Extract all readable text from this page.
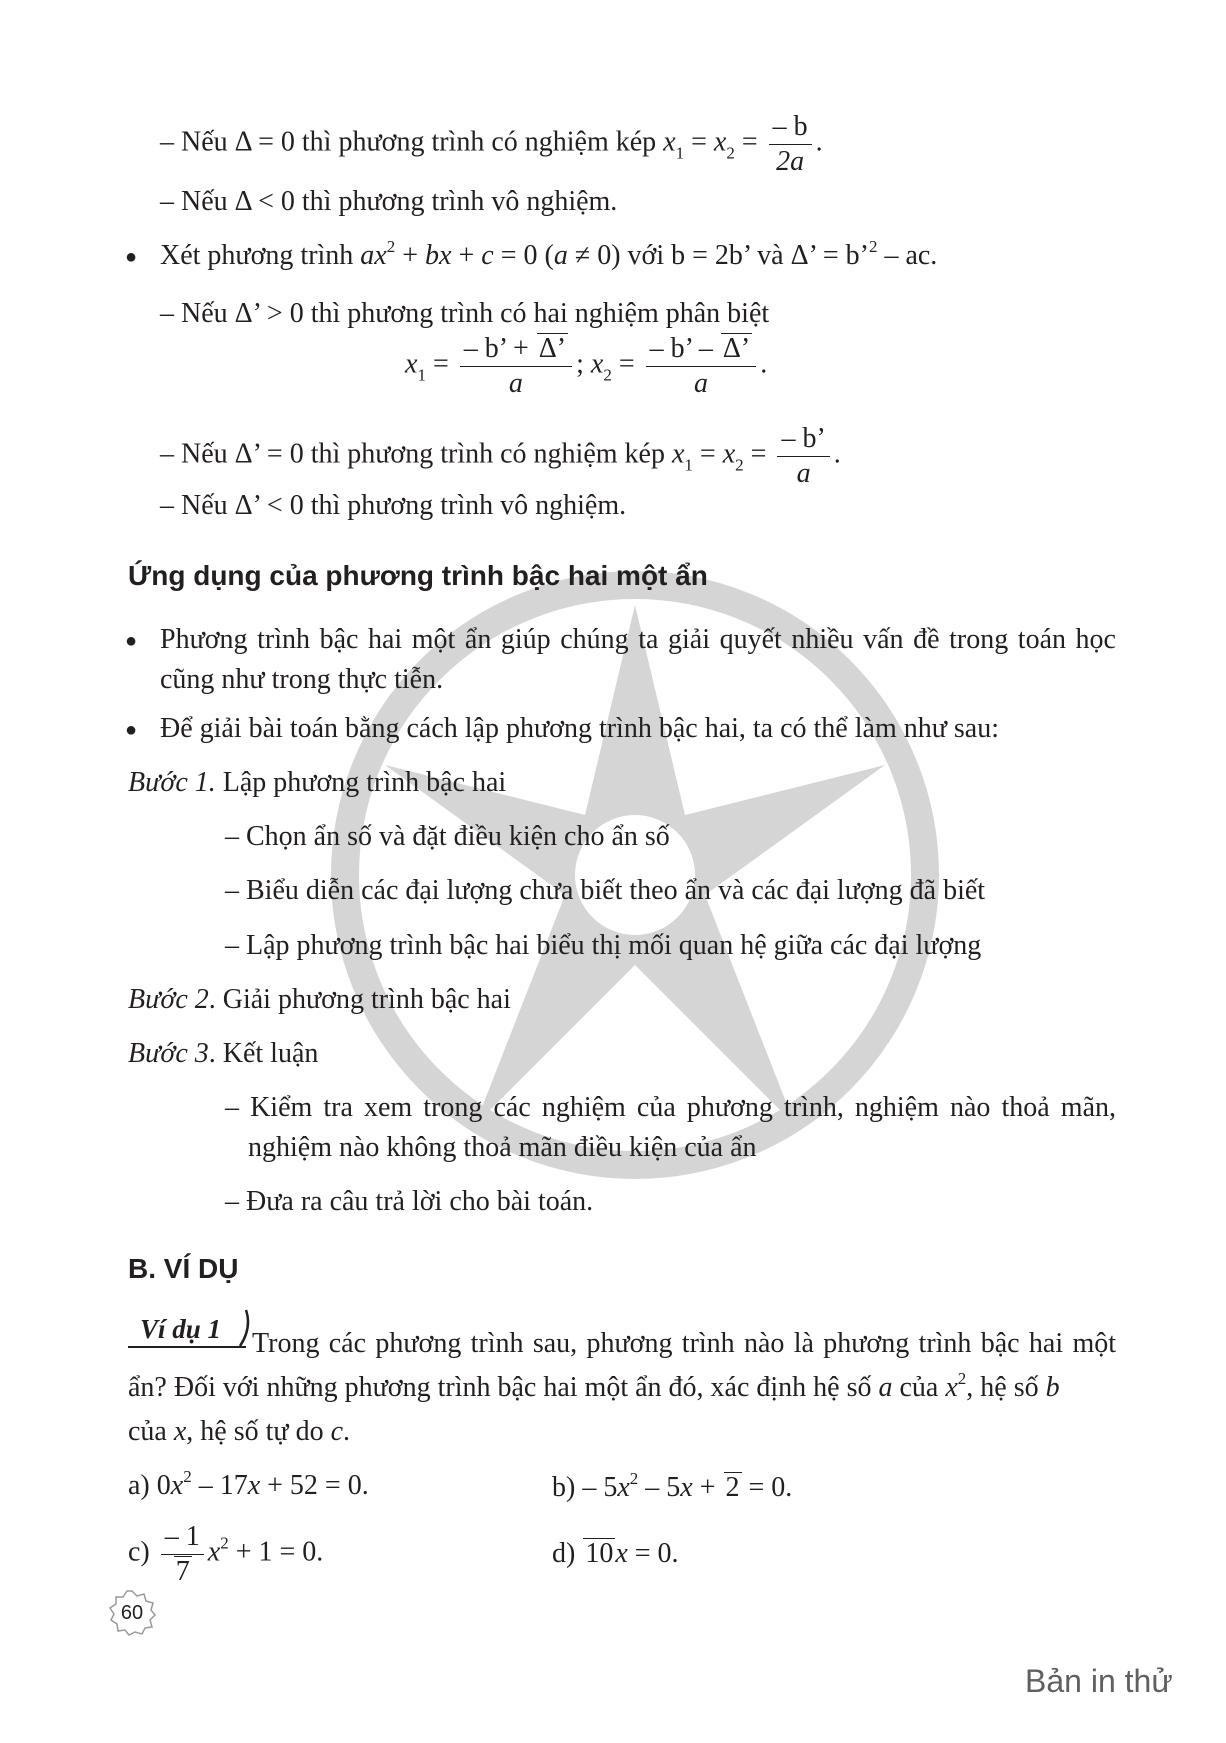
– Nếu Δ = 0 thì phương trình có nghiệm kép $x_1 = x_2 = \frac{- b}{2a}$ .
– Nếu Δ < 0 thì phương trình vô nghiệm.
● Xét phương trình $ax^2$ + bx + c = 0 (a ≠ 0) với b = 2b’ và Δ’ = b’$^2$ – ac.
– Nếu Δ’ > 0 thì phương trình có hai nghiệm phân biệt
$x_1 = \frac{- b’ + \Delta’}{a}$ ; $x_2 = \frac{- b’ - \Delta’}{a}$ .
– Nếu Δ’ = 0 thì phương trình có nghiệm kép $x_1 = x_2 = \frac{- b’}{a}$ .
– Nếu Δ’ < 0 thì phương trình vô nghiệm.
Ứng dụng của phương trình bậc hai một ẩn
● Phương trình bậc hai một ẩn giúp chúng ta giải quyết nhiều vấn đề trong toán học
cũng như trong thực tiễn.
● Để giải bài toán bằng cách lập phương trình bậc hai, ta có thể làm như sau:
Bước 1. Lập phương trình bậc hai
– Chọn ẩn số và đặt điều kiện cho ẩn số
– Biểu diễn các đại lượng chưa biết theo ẩn và các đại lượng đã biết
– Lập phương trình bậc hai biểu thị mối quan hệ giữa các đại lượng
Bước 2. Giải phương trình bậc hai
Bước 3. Kết luận
– Kiểm tra xem trong các nghiệm của phương trình, nghiệm nào thoả mãn,
nghiệm nào không thoả mãn điều kiện của ẩn
– Đưa ra câu trả lời cho bài toán.
B. VÍ DỤ
Ví dụ 1 Trong các phương trình sau, phương trình nào là phương trình bậc hai một
ẩn? Đối với những phương trình bậc hai một ẩn đó, xác định hệ số a của $x^2$, hệ số b
của x, hệ số tự do c.
a) $0x^2 - 17x + 52 = 0$.	$b) - 5x^2 - 5x + 2 = 0$.
$c) \frac{- 1}{7} x^2 + 1 = 0$.	d) 10x = 0.
60
Bản in thử
